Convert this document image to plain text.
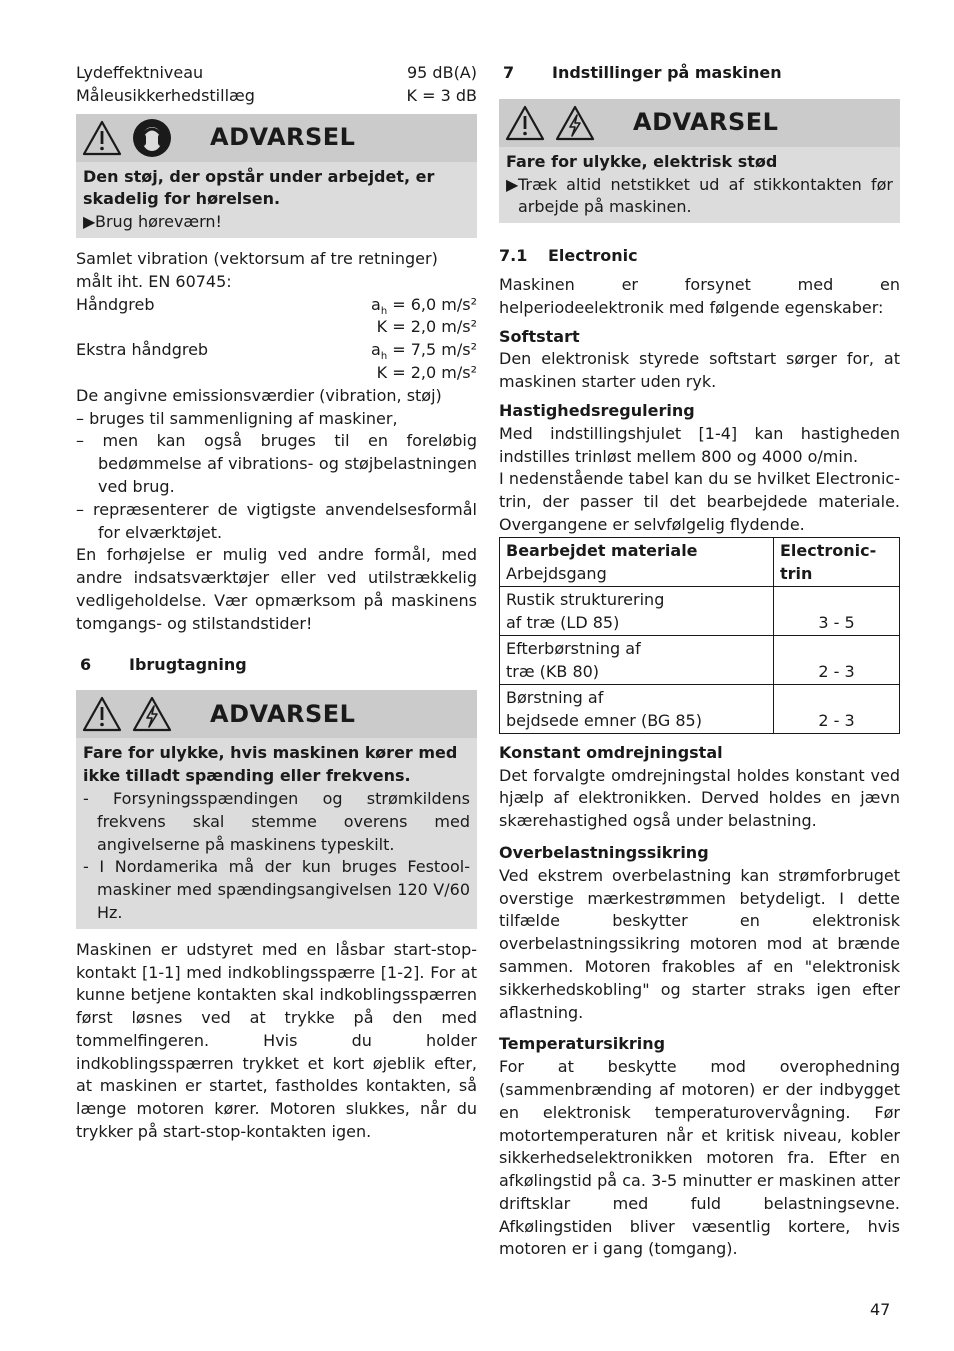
Lydeffektniveau	95 dB(A)
Måleusikkerhedstillæg	K = 3 dB
ADVARSEL

Den støj, der opstår under arbejdet, er skadelig for hørelsen.

▶ Brug høreværn!

Samlet vibration (vektorsum af tre retninger) målt iht. EN 60745:

Håndgreb	$a_h = 6,0$ m/s²
K = 2,0 m/s²
Ekstra håndgreb	$a_h = 7,5$ m/s²
K = 2,0 m/s²

De angivne emissionsværdier (vibration, støj)

– bruges til sammenligning af maskiner,

– men kan også bruges til en foreløbig bedømmelse af vibrations- og støjbelastningen ved brug.

– repræsenterer de vigtigste anvendelsesformål for elværktøjet.

En forhøjelse er mulig ved andre formål, med andre indsatsværktøjer eller ved utilstrækkelig vedligeholdelse. Vær opmærksom på maskinens tomgangs- og stilstandstider!

6	Ibrugtagning
ADVARSEL

Fare for ulykke, hvis maskinen kører med ikke tilladt spænding eller frekvens.

- Forsyningsspændingen og strømkildens frekvens skal stemme overens med angivelserne på maskinens typeskilt.

- I Nordamerika må der kun bruges Festool- maskiner med spændingsangivelsen 120 V/60 Hz.

Maskinen er udstyret med en låsbar start-stop-kontakt [1-1] med indkoblingsspærre [1-2]. For at kunne betjene kontakten skal indkoblingsspærren først løsnes ved at trykke på den med tommelfingeren. Hvis du holder indkoblingsspærren trykket et kort øjeblik efter, at maskinen er startet, fastholdes kontakten, så længe motoren kører. Motoren slukkes, når du trykker på start-stop-kontakten igen.

7	Indstillinger på maskinen
ADVARSEL

Fare for ulykke, elektrisk stød

▶ Træk altid netstikket ud af stikkontakten før arbejde på maskinen.
7.1	Electronic

Maskinen er forsynet med en helperiodeelektronik med følgende egenskaber:

Softstart

Den elektronisk styrede softstart sørger for, at maskinen starter uden ryk.

Hastighedsregulering

Med indstillingshjulet [1-4] kan hastigheden indstilles trinløst mellem 800 og 4000 o/min.

I nedenstående tabel kan du se hvilket Electronic-trin, der passer til det bearbejdede materiale. Overgangene er selvfølgelig flydende.

Bearbejdet materiale
Arbejdsgang	Electronic-trin
Rustik strukturering
af træ (LD 85)	3 - 5
Efterbørstning af
træ (KB 80)	2 - 3
Børstning af
bejdsede emner (BG 85)	2 - 3

Konstant omdrejningstal

Det forvalgte omdrejningstal holdes konstant ved hjælp af elektronikken. Derved holdes en jævn skærehastighed også under belastning.

Overbelastningssikring

Ved ekstrem overbelastning kan strømforbruget overstige mærkestrømmen betydeligt. I dette tilfælde beskytter en elektronisk overbelastningssikring motoren mod at brænde sammen. Motoren frakobles af en "elektronisk sikkerhedskobling" og starter straks igen efter aflastning.

Temperatursikring

For at beskytte mod overophedning (sammenbrænding af motoren) er der indbygget en elektronisk temperaturovervågning. Før motortemperaturen når et kritisk niveau, kobler sikkerhedselektronikken motoren fra. Efter en afkølingstid på ca. 3-5 minutter er maskinen atter driftsklar med fuld belastningsevne. Afkølingstiden bliver væsentlig kortere, hvis motoren er i gang (tomgang).

47
